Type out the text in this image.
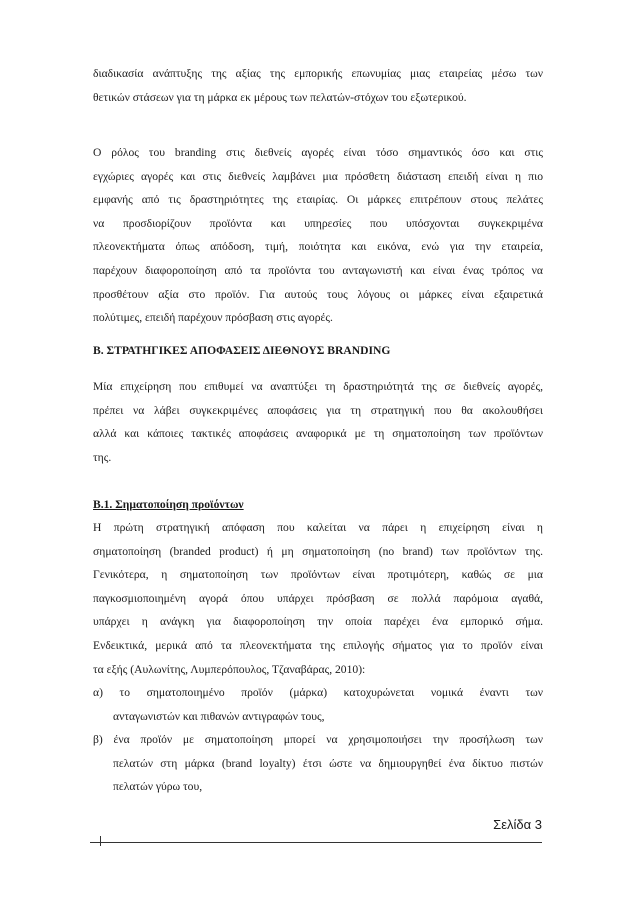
διαδικασία ανάπτυξης της αξίας της εμπορικής επωνυμίας μιας εταιρείας μέσω των
θετικών στάσεων για τη μάρκα εκ μέρους των πελατών-στόχων του εξωτερικού.
Ο ρόλος του branding στις διεθνείς αγορές είναι τόσο σημαντικός όσο και στις
εγχώριες αγορές και στις διεθνείς λαμβάνει μια πρόσθετη διάσταση επειδή είναι η πιο
εμφανής από τις δραστηριότητες της εταιρίας. Οι μάρκες επιτρέπουν στους πελάτες
να προσδιορίζουν προϊόντα και υπηρεσίες που υπόσχονται συγκεκριμένα
πλεονεκτήματα όπως απόδοση, τιμή, ποιότητα και εικόνα, ενώ για την εταιρεία,
παρέχουν διαφοροποίηση από τα προϊόντα του ανταγωνιστή και είναι ένας τρόπος να
προσθέτουν αξία στο προϊόν. Για αυτούς τους λόγους οι μάρκες είναι εξαιρετικά
πολύτιμες, επειδή παρέχουν πρόσβαση στις αγορές.
Β. ΣΤΡΑΤΗΓΙΚΕΣ ΑΠΟΦΑΣΕΙΣ ΔΙΕΘΝΟΥΣ BRANDING
Μία επιχείρηση που επιθυμεί να αναπτύξει τη δραστηριότητά της σε διεθνείς αγορές,
πρέπει να λάβει συγκεκριμένες αποφάσεις για τη στρατηγική που θα ακολουθήσει
αλλά και κάποιες τακτικές αποφάσεις αναφορικά με τη σηματοποίηση των προϊόντων
της.
Β.1. Σηματοποίηση προϊόντων
Η πρώτη στρατηγική απόφαση που καλείται να πάρει η επιχείρηση είναι η
σηματοποίηση (branded product) ή μη σηματοποίηση (no brand) των προϊόντων της.
Γενικότερα, η σηματοποίηση των προϊόντων είναι προτιμότερη, καθώς σε μια
παγκοσμιοποιημένη αγορά όπου υπάρχει πρόσβαση σε πολλά παρόμοια αγαθά,
υπάρχει η ανάγκη για διαφοροποίηση την οποία παρέχει ένα εμπορικό σήμα.
Ενδεικτικά, μερικά από τα πλεονεκτήματα της επιλογής σήματος για το προϊόν είναι
τα εξής (Αυλωνίτης, Λυμπερόπουλος, Τζαναβάρας, 2010):
α) το σηματοποιημένο προϊόν (μάρκα) κατοχυρώνεται νομικά έναντι των
ανταγωνιστών και πιθανών αντιγραφών τους,
β) ένα προϊόν με σηματοποίηση μπορεί να χρησιμοποιήσει την προσήλωση των
πελατών στη μάρκα (brand loyalty) έτσι ώστε να δημιουργηθεί ένα δίκτυο πιστών
πελατών γύρω του,
Σελίδα 3
